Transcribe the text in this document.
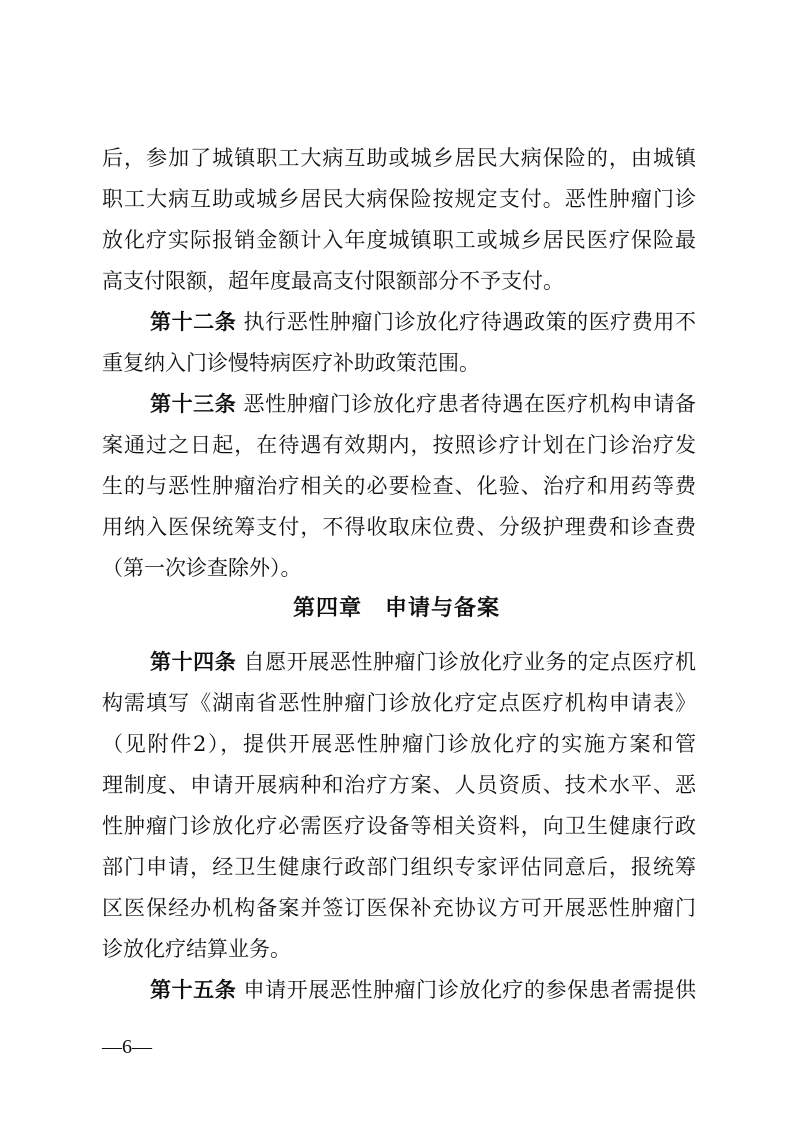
后，参加了城镇职工大病互助或城乡居民大病保险的，由城镇
职工大病互助或城乡居民大病保险按规定支付。恶性肿瘤门诊
放化疗实际报销金额计入年度城镇职工或城乡居民医疗保险最
高支付限额，超年度最高支付限额部分不予支付。
第十二条 执行恶性肿瘤门诊放化疗待遇政策的医疗费用不
重复纳入门诊慢特病医疗补助政策范围。
第十三条 恶性肿瘤门诊放化疗患者待遇在医疗机构申请备
案通过之日起，在待遇有效期内，按照诊疗计划在门诊治疗发
生的与恶性肿瘤治疗相关的必要检查、化验、治疗和用药等费
用纳入医保统筹支付，不得收取床位费、分级护理费和诊查费
（第一次诊查除外）。
第四章　申请与备案
第十四条 自愿开展恶性肿瘤门诊放化疗业务的定点医疗机
构需填写《湖南省恶性肿瘤门诊放化疗定点医疗机构申请表》
（见附件2），提供开展恶性肿瘤门诊放化疗的实施方案和管
理制度、申请开展病种和治疗方案、人员资质、技术水平、恶
性肿瘤门诊放化疗必需医疗设备等相关资料，向卫生健康行政
部门申请，经卫生健康行政部门组织专家评估同意后，报统筹
区医保经办机构备案并签订医保补充协议方可开展恶性肿瘤门
诊放化疗结算业务。
第十五条 申请开展恶性肿瘤门诊放化疗的参保患者需提供
—6—
